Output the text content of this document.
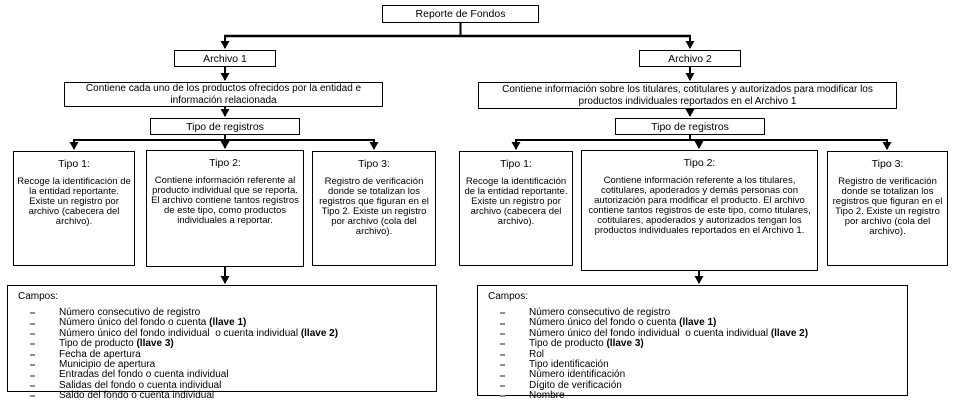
Reporte de Fondos
Archivo 1	Archivo 2
Contiene cada uno de los productos ofrecidos por la entidad e información relacionada
Contiene información sobre los titulares, cotitulares y autorizados para modificar los productos individuales reportados en el Archivo 1
Tipo de registros	Tipo de registros
Tipo 1:
Recoge la identificación de la entidad reportante. Existe un registro por archivo (cabecera del archivo).
Tipo 2:
Contiene información referente al producto individual que se reporta. El archivo contiene tantos registros de este tipo, como productos individuales a reportar.
Tipo 3:
Registro de verificación donde se totalizan los registros que figuran en el Tipo 2. Existe un registro por archivo (cola del archivo).
Tipo 1:
Recoge la identificación de la entidad reportante. Existe un registro por archivo (cabecera del archivo).
Tipo 2:
Contiene información referente a los titulares, cotitulares, apoderados y demás personas con autorización para modificar el producto. El archivo contiene tantos registros de este tipo, como titulares, cotitulares, apoderados y autorizados tengan los productos individuales reportados en el Archivo 1.
Tipo 3:
Registro de verificación donde se totalizan los registros que figuran en el Tipo 2. Existe un registro por archivo (cola del archivo).
Campos:
Número consecutivo de registro
Número único del fondo o cuenta (llave 1)
Número único del fondo individual  o cuenta individual (llave 2)
Tipo de producto (llave 3)
Fecha de apertura
Municipio de apertura
Entradas del fondo o cuenta individual
Salidas del fondo o cuenta individual
Saldo del fondo o cuenta individual
Campos:
Número consecutivo de registro
Número único del fondo o cuenta (llave 1)
Número único del fondo individual  o cuenta individual (llave 2)
Tipo de producto (llave 3)
Rol
Tipo identificación
Número identificación
Dígito de verificación
Nombre
